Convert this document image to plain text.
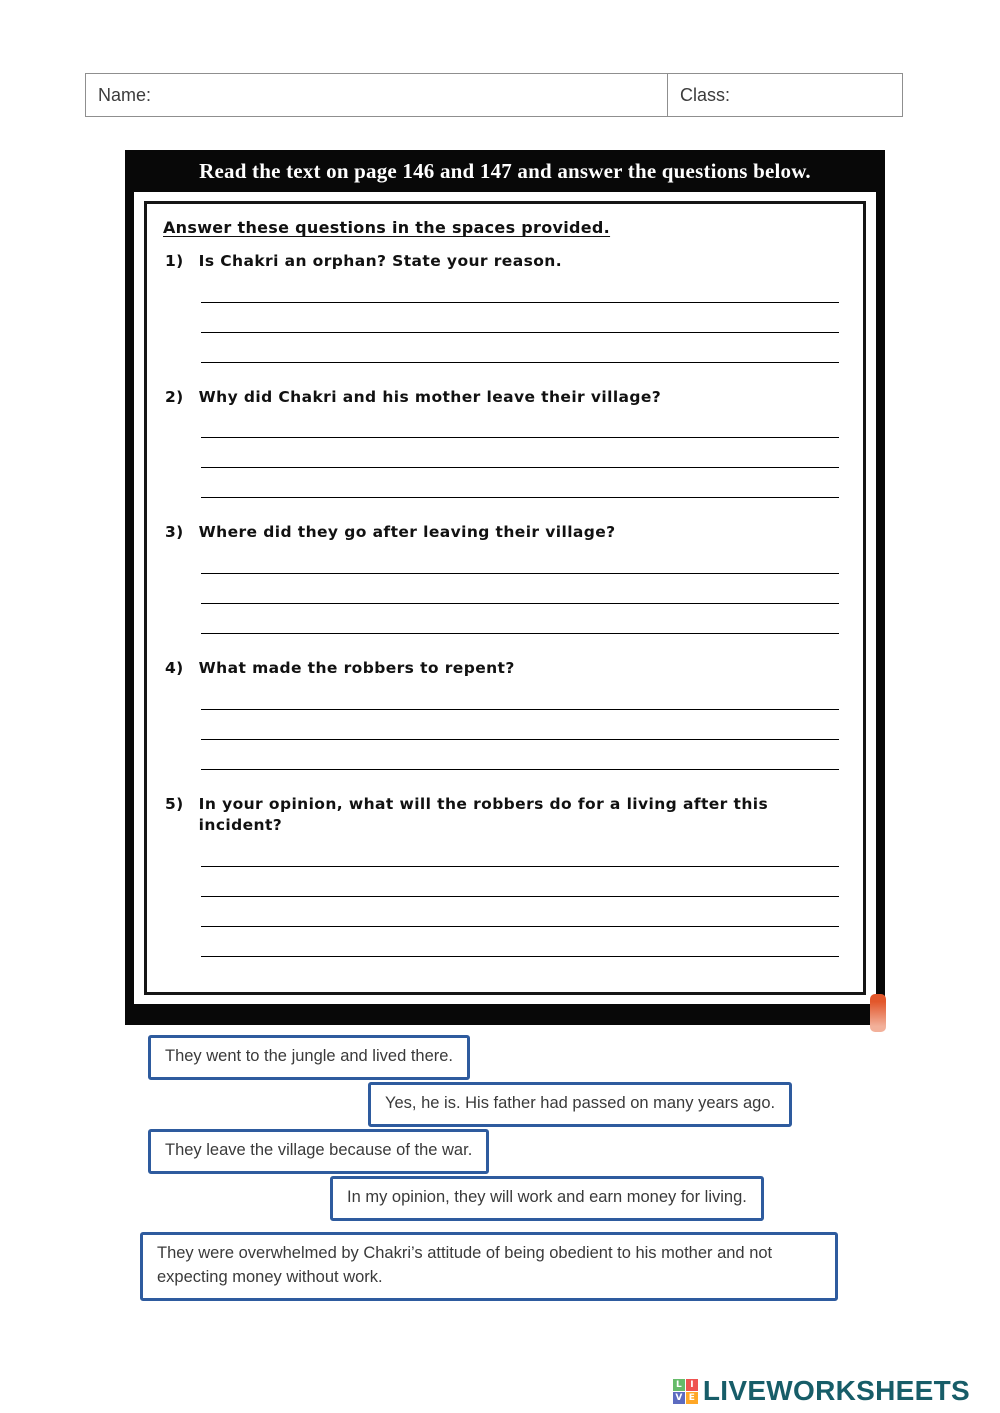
Name:	Class:
Read the text on page 146 and 147 and answer the questions below.
Answer these questions in the spaces provided.
1) Is Chakri an orphan? State your reason.
2) Why did Chakri and his mother leave their village?
3) Where did they go after leaving their village?
4) What made the robbers to repent?
5) In your opinion, what will the robbers do for a living after this incident?
They went to the jungle and lived there.
Yes, he is. His father had passed on many years ago.
They leave the village because of the war.
In my opinion, they will work and earn money for living.
They were overwhelmed by Chakri’s attitude of being obedient to his mother and not expecting money without work.
L I
V E LIVEWORKSHEETS
